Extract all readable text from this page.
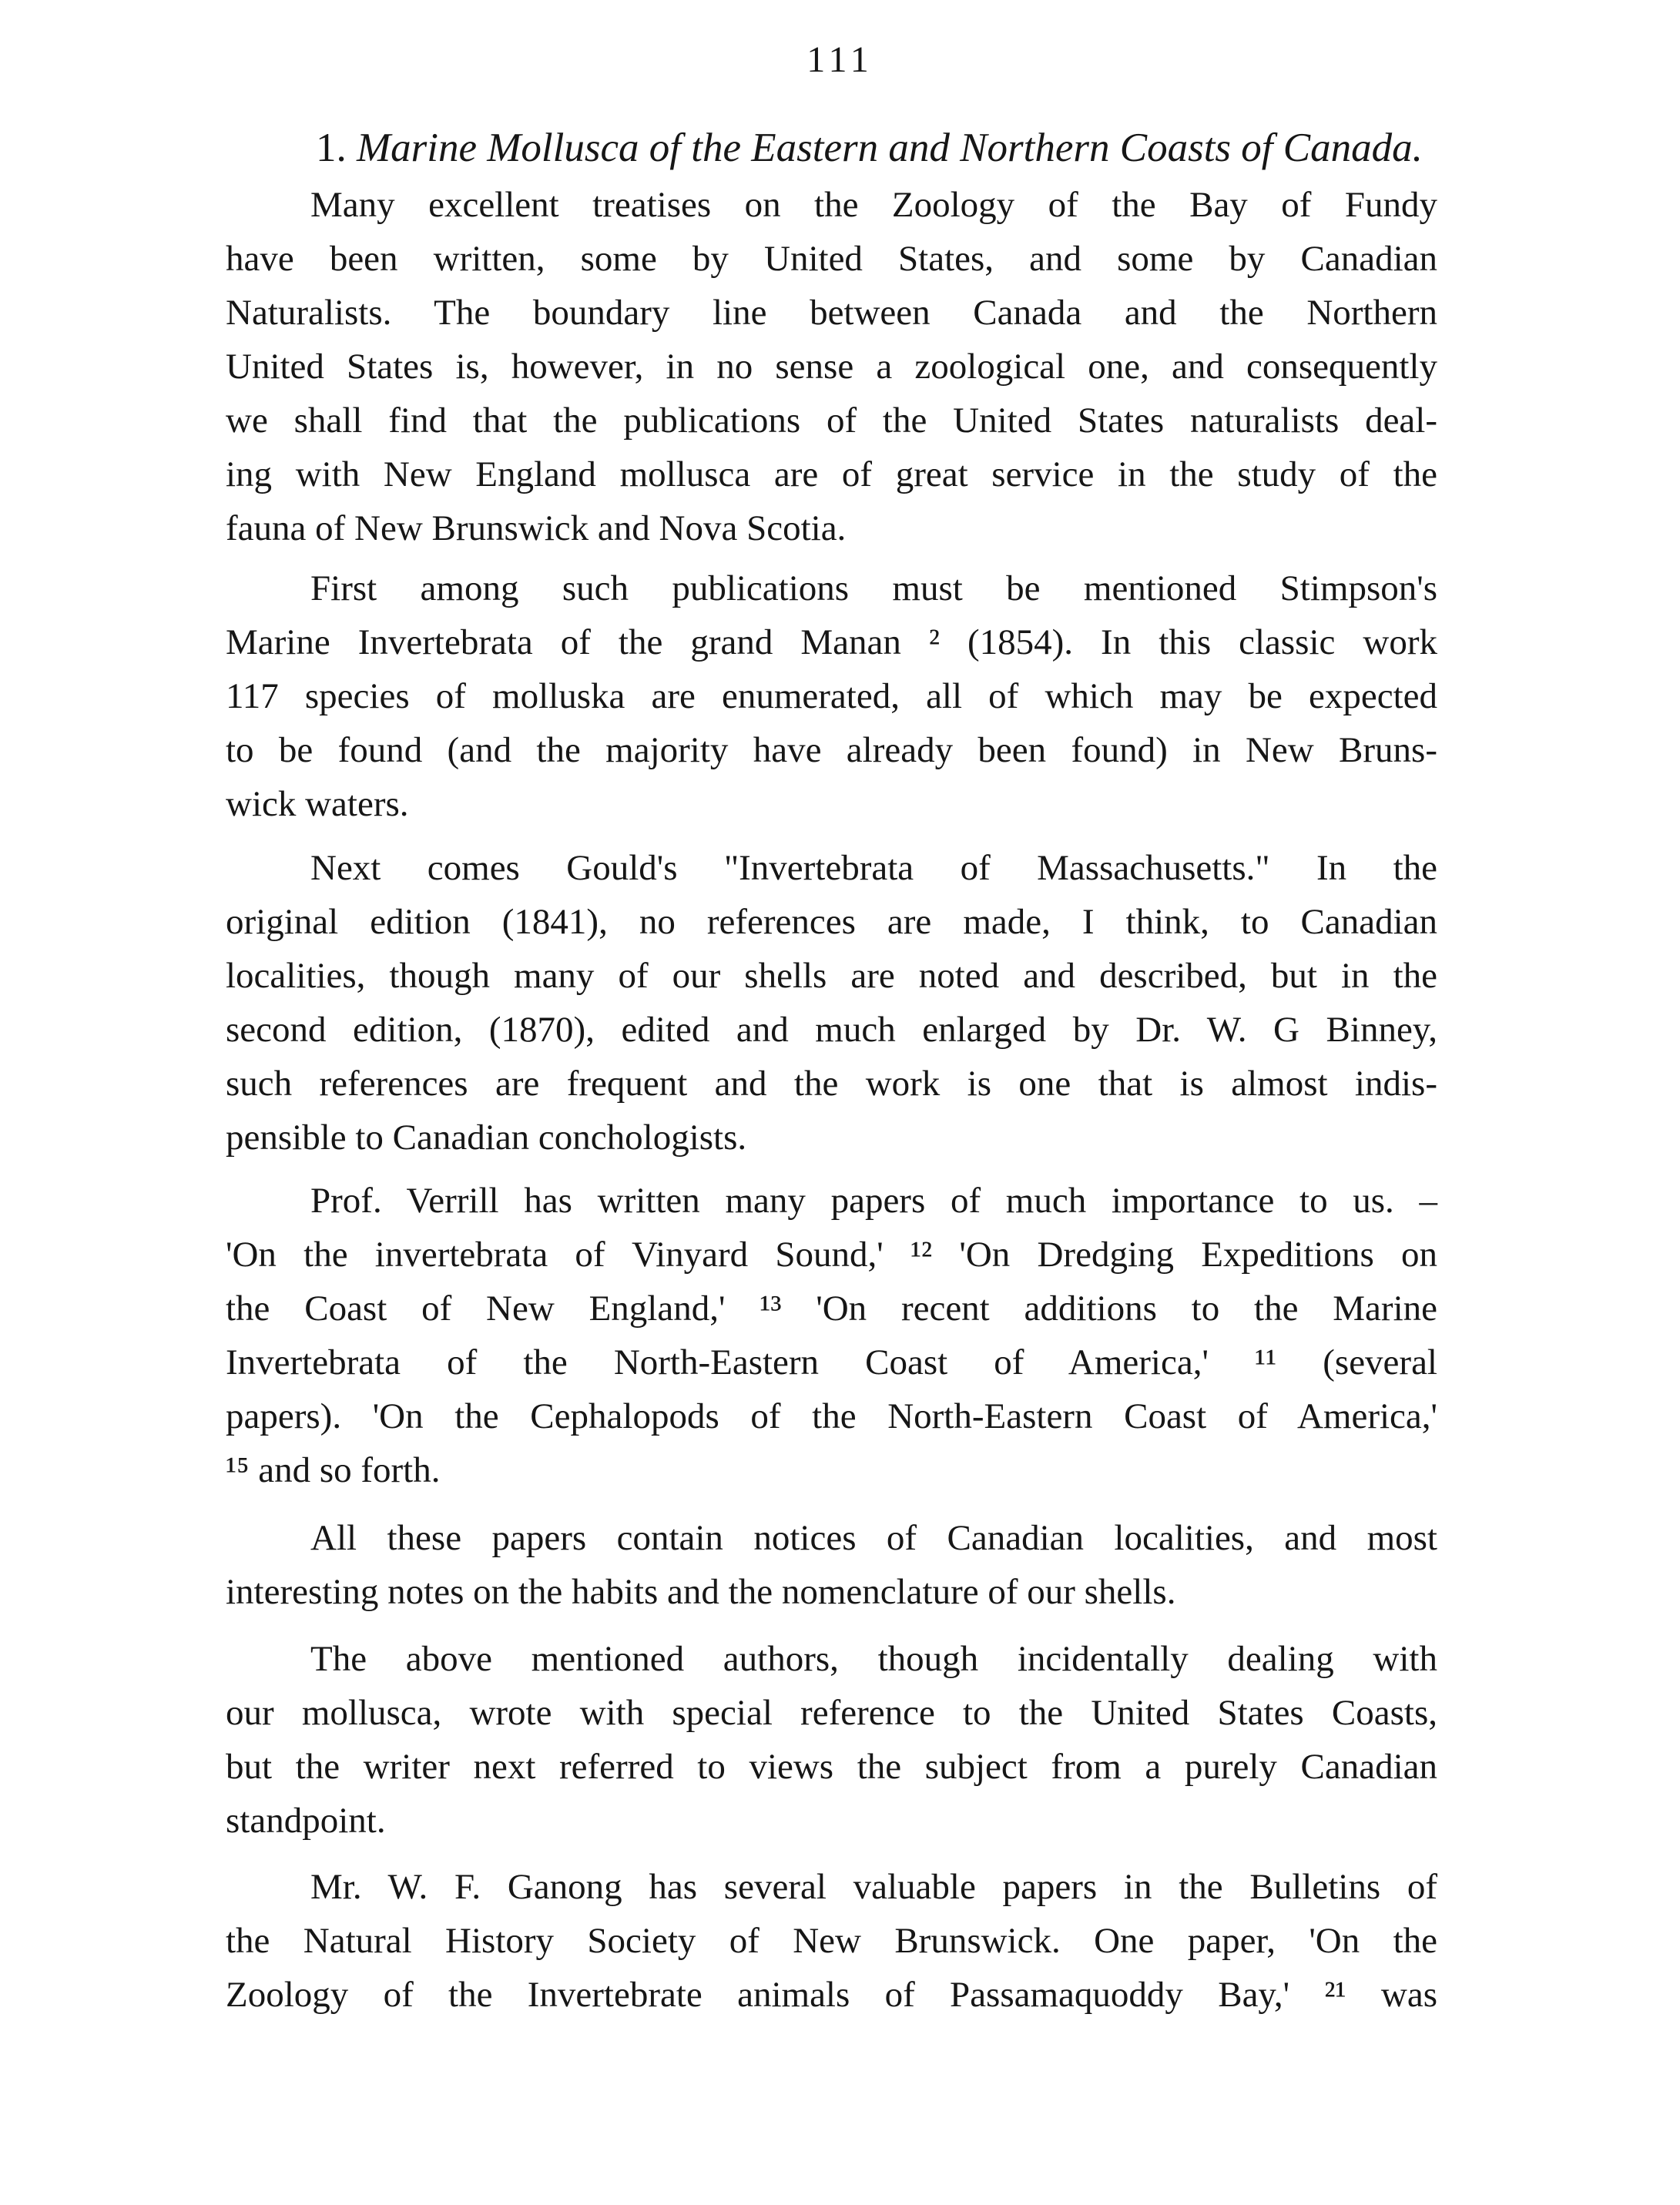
111
1. Marine Mollusca of the Eastern and Northern Coasts of Canada.
Many excellent treatises on the Zoology of the Bay of Fundy
have been written, some by United States, and some by Canadian
Naturalists. The boundary line between Canada and the Northern
United States is, however, in no sense a zoological one, and consequently
we shall find that the publications of the United States naturalists deal-
ing with New England mollusca are of great service in the study of the
fauna of New Brunswick and Nova Scotia.
First among such publications must be mentioned Stimpson's
Marine Invertebrata of the grand Manan ² (1854). In this classic work
117 species of molluska are enumerated, all of which may be expected
to be found (and the majority have already been found) in New Bruns-
wick waters.
Next comes Gould's "Invertebrata of Massachusetts." In the
original edition (1841), no references are made, I think, to Canadian
localities, though many of our shells are noted and described, but in the
second edition, (1870), edited and much enlarged by Dr. W. G Binney,
such references are frequent and the work is one that is almost indis-
pensible to Canadian conchologists.
Prof. Verrill has written many papers of much importance to us. –
'On the invertebrata of Vinyard Sound,' ¹² 'On Dredging Expeditions on
the Coast of New England,' ¹³ 'On recent additions to the Marine
Invertebrata of the North-Eastern Coast of America,' ¹¹ (several
papers). 'On the Cephalopods of the North-Eastern Coast of America,'
¹⁵ and so forth.
All these papers contain notices of Canadian localities, and most
interesting notes on the habits and the nomenclature of our shells.
The above mentioned authors, though incidentally dealing with
our mollusca, wrote with special reference to the United States Coasts,
but the writer next referred to views the subject from a purely Canadian
standpoint.
Mr. W. F. Ganong has several valuable papers in the Bulletins of
the Natural History Society of New Brunswick. One paper, 'On the
Zoology of the Invertebrate animals of Passamaquoddy Bay,' ²¹ was
